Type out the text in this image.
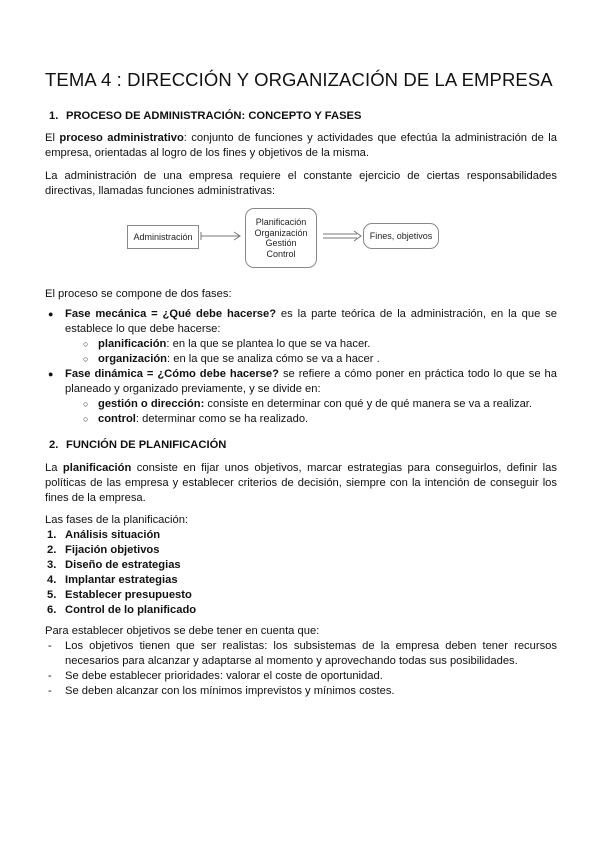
TEMA 4 : DIRECCIÓN Y ORGANIZACIÓN DE LA EMPRESA
1. PROCESO DE ADMINISTRACIÓN: CONCEPTO Y FASES

El proceso administrativo: conjunto de funciones y actividades que efectúa la administración de la
empresa, orientadas al logro de los fines y objetivos de la misma.

La administración de una empresa requiere el constante ejercicio de ciertas responsabilidades
directivas, llamadas funciones administrativas:

Administración
Planificación
Organización
Gestión
Control
Fines, objetivos

El proceso se compone de dos fases:

● Fase mecánica = ¿Qué debe hacerse? es la parte teórica de la administración, en la que se
establece lo que debe hacerse:
○ planificación: en la que se plantea lo que se va hacer.
○ organización: en la que se analiza cómo se va a hacer .
● Fase dinámica = ¿Cómo debe hacerse? se refiere a cómo poner en práctica todo lo que se ha
planeado y organizado previamente, y se divide en:
○ gestión o dirección: consiste en determinar con qué y de qué manera se va a realizar.
○ control: determinar como se ha realizado.
2. FUNCIÓN DE PLANIFICACIÓN

La planificación consiste en fijar unos objetivos, marcar estrategias para conseguirlos, definir las
políticas de las empresa y establecer criterios de decisión, siempre con la intención de conseguir los
fines de la empresa.

Las fases de la planificación:

1. Análisis situación
2. Fijación objetivos
3. Diseño de estrategias
4. Implantar estrategias
5. Establecer presupuesto
6. Control de lo planificado

Para establecer objetivos se debe tener en cuenta que:

- Los objetivos tienen que ser realistas: los subsistemas de la empresa deben tener recursos
necesarios para alcanzar y adaptarse al momento y aprovechando todas sus posibilidades.
- Se debe establecer prioridades: valorar el coste de oportunidad.
- Se deben alcanzar con los mínimos imprevistos y mínimos costes.
